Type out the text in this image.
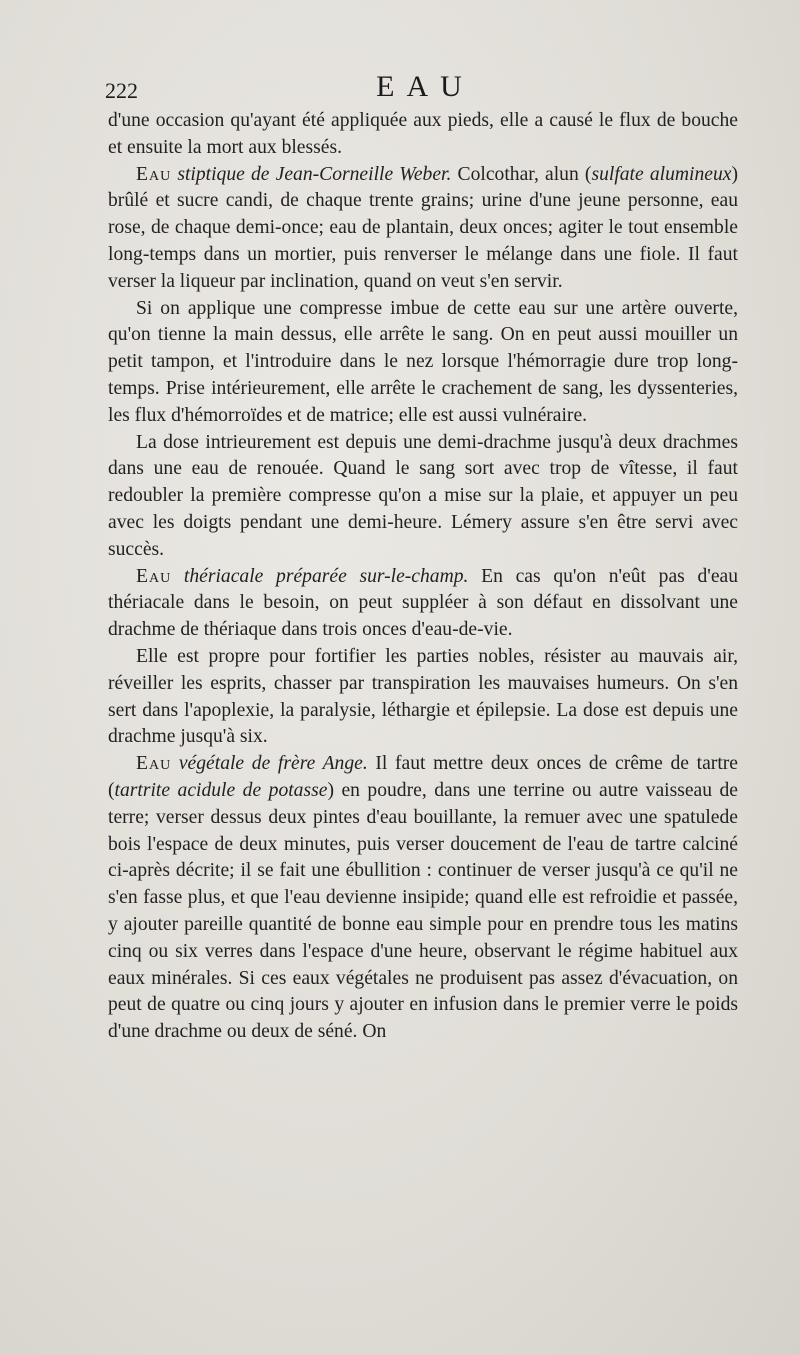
222	EAU

d'une occasion qu'ayant été appliquée aux pieds, elle a causé le flux de bouche et ensuite la mort aux blessés.

Eau stiptique de Jean-Corneille Weber. Colcothar, alun (sulfate alumineux) brûlé et sucre candi, de chaque trente grains; urine d'une jeune personne, eau rose, de chaque demi-once; eau de plantain, deux onces; agiter le tout ensemble long-temps dans un mortier, puis renverser le mélange dans une fiole. Il faut verser la liqueur par inclination, quand on veut s'en servir.

Si on applique une compresse imbue de cette eau sur une artère ouverte, qu'on tienne la main dessus, elle arrête le sang. On en peut aussi mouiller un petit tampon, et l'introduire dans le nez lorsque l'hémorragie dure trop long-temps. Prise intérieurement, elle arrête le crachement de sang, les dyssenteries, les flux d'hémorroïdes et de matrice; elle est aussi vulnéraire.

La dose intrieurement est depuis une demi-drachme jusqu'à deux drachmes dans une eau de renouée. Quand le sang sort avec trop de vîtesse, il faut redoubler la première compresse qu'on a mise sur la plaie, et appuyer un peu avec les doigts pendant une demi-heure. Lémery assure s'en être servi avec succès.

Eau thériacale préparée sur-le-champ. En cas qu'on n'eût pas d'eau thériacale dans le besoin, on peut suppléer à son défaut en dissolvant une drachme de thériaque dans trois onces d'eau-de-vie.

Elle est propre pour fortifier les parties nobles, résister au mauvais air, réveiller les esprits, chasser par transpiration les mauvaises humeurs. On s'en sert dans l'apoplexie, la paralysie, léthargie et épilepsie. La dose est depuis une drachme jusqu'à six.

Eau végétale de frère Ange. Il faut mettre deux onces de crême de tartre (tartrite acidule de potasse) en poudre, dans une terrine ou autre vaisseau de terre; verser dessus deux pintes d'eau bouillante, la remuer avec une spatulede bois l'espace de deux minutes, puis verser doucement de l'eau de tartre calciné ci-après décrite; il se fait une ébullition : continuer de verser jusqu'à ce qu'il ne s'en fasse plus, et que l'eau devienne insipide; quand elle est refroidie et passée, y ajouter pareille quantité de bonne eau simple pour en prendre tous les matins cinq ou six verres dans l'espace d'une heure, observant le régime habituel aux eaux minérales. Si ces eaux végétales ne produisent pas assez d'évacuation, on peut de quatre ou cinq jours y ajouter en infusion dans le premier verre le poids d'une drachme ou deux de séné. On
